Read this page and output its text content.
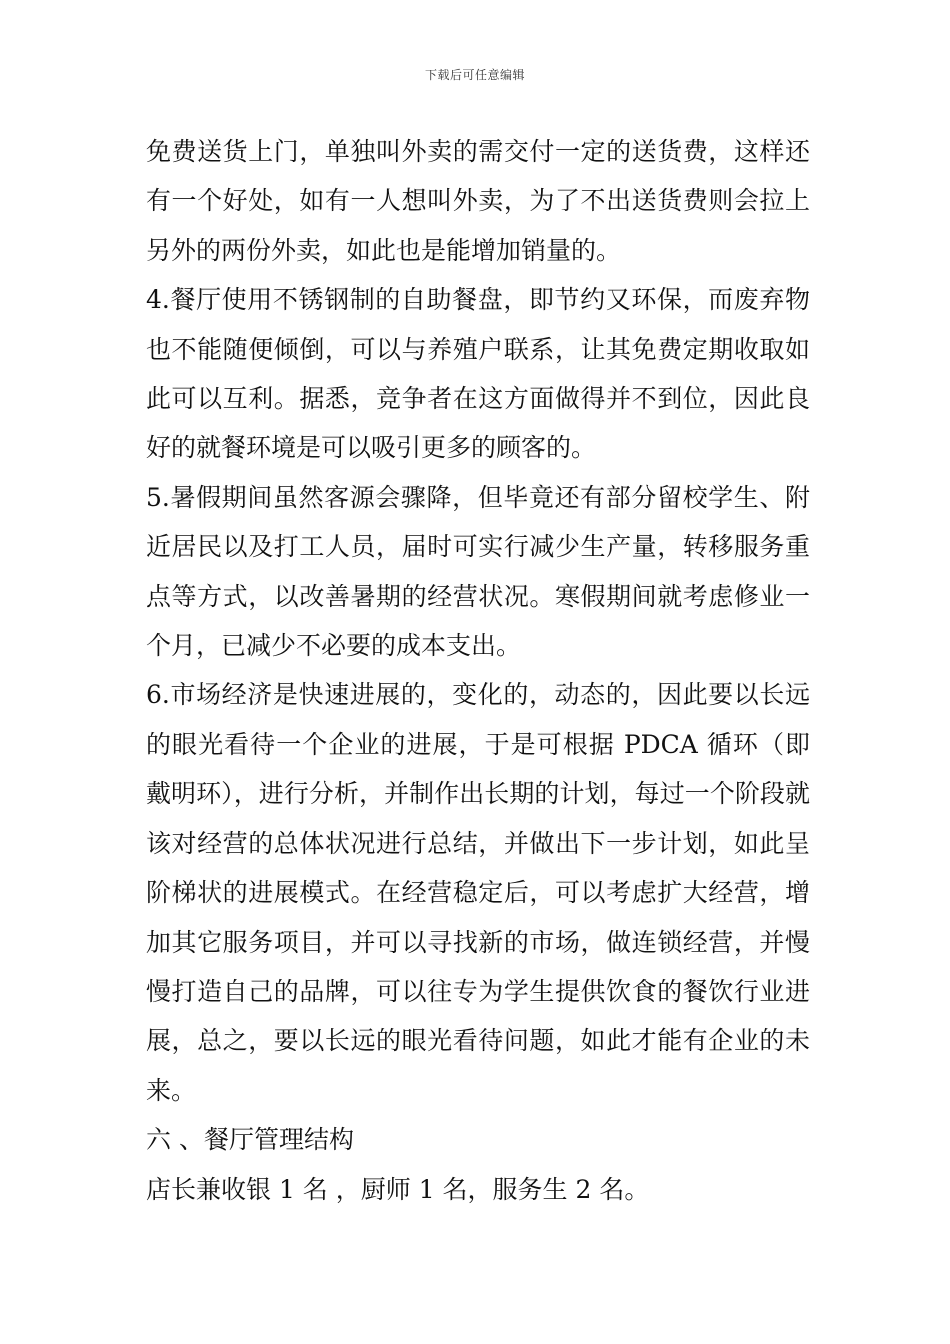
下载后可任意编辑

免费送货上门，单独叫外卖的需交付一定的送货费，这样还有一个好处，如有一人想叫外卖，为了不出送货费则会拉上另外的两份外卖，如此也是能增加销量的。

4.餐厅使用不锈钢制的自助餐盘，即节约又环保，而废弃物也不能随便倾倒，可以与养殖户联系，让其免费定期收取如此可以互利。据悉，竞争者在这方面做得并不到位，因此良好的就餐环境是可以吸引更多的顾客的。

5.暑假期间虽然客源会骤降，但毕竟还有部分留校学生、附近居民以及打工人员，届时可实行减少生产量，转移服务重点等方式，以改善暑期的经营状况。寒假期间就考虑修业一个月，已减少不必要的成本支出。

6.市场经济是快速进展的，变化的，动态的，因此要以长远的眼光看待一个企业的进展，于是可根据 PDCA 循环（即戴明环），进行分析，并制作出长期的计划，每过一个阶段就该对经营的总体状况进行总结，并做出下一步计划，如此呈阶梯状的进展模式。在经营稳定后，可以考虑扩大经营，增加其它服务项目，并可以寻找新的市场，做连锁经营，并慢慢打造自己的品牌，可以往专为学生提供饮食的餐饮行业进展，总之，要以长远的眼光看待问题，如此才能有企业的未来。

六 、餐厅管理结构

店长兼收银 1 名 ，厨师 1 名，服务生 2 名。
